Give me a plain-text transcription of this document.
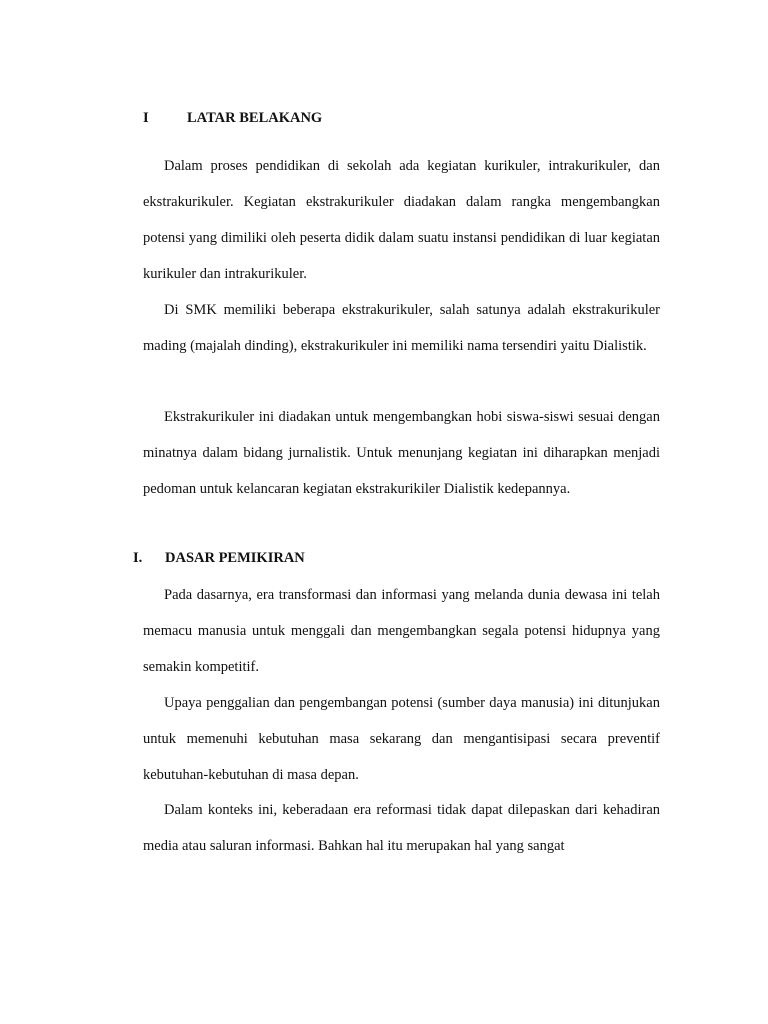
I	LATAR BELAKANG

Dalam proses pendidikan di sekolah ada kegiatan kurikuler, intrakurikuler, dan ekstrakurikuler. Kegiatan ekstrakurikuler diadakan dalam rangka mengembangkan potensi yang dimiliki oleh peserta didik dalam suatu instansi pendidikan di luar kegiatan kurikuler dan intrakurikuler.

Di SMK memiliki beberapa ekstrakurikuler, salah satunya adalah ekstrakurikuler mading (majalah dinding), ekstrakurikuler ini memiliki nama tersendiri yaitu Dialistik.

Ekstrakurikuler ini diadakan untuk mengembangkan hobi siswa-siswi sesuai dengan minatnya dalam bidang jurnalistik. Untuk menunjang kegiatan ini diharapkan menjadi pedoman untuk kelancaran kegiatan ekstrakurikiler Dialistik kedepannya.

I. DASAR PEMIKIRAN

Pada dasarnya, era transformasi dan informasi yang melanda dunia dewasa ini telah memacu manusia untuk menggali dan mengembangkan segala potensi hidupnya yang semakin kompetitif.

Upaya penggalian dan pengembangan potensi (sumber daya manusia) ini ditunjukan untuk memenuhi kebutuhan masa sekarang dan mengantisipasi secara preventif kebutuhan-kebutuhan di masa depan.

Dalam konteks ini, keberadaan era reformasi tidak dapat dilepaskan dari kehadiran media atau saluran informasi. Bahkan hal itu merupakan hal yang sangat
